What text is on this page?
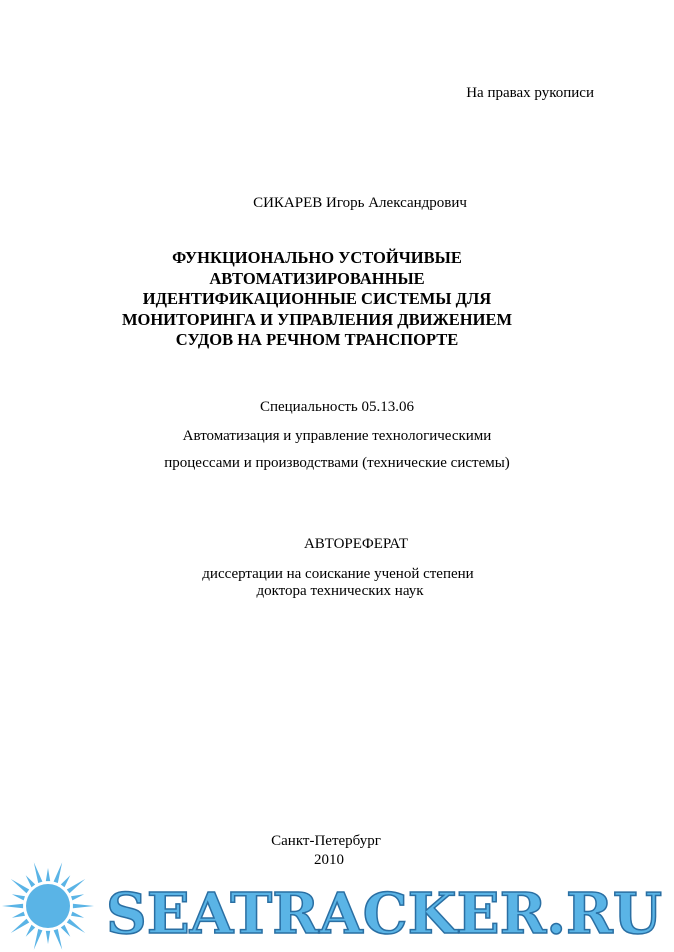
На правах рукописи
СИКАРЕВ Игорь Александрович
ФУНКЦИОНАЛЬНО УСТОЙЧИВЫЕ
АВТОМАТИЗИРОВАННЫЕ
ИДЕНТИФИКАЦИОННЫЕ СИСТЕМЫ ДЛЯ
МОНИТОРИНГА И УПРАВЛЕНИЯ ДВИЖЕНИЕМ
СУДОВ НА РЕЧНОМ ТРАНСПОРТЕ
Специальность 05.13.06
Автоматизация и управление технологическими
процессами и производствами (технические системы)
АВТОРЕФЕРАТ
диссертации на соискание ученой степени
доктора технических наук
Санкт-Петербург
2010
SEATRACKER.RU
